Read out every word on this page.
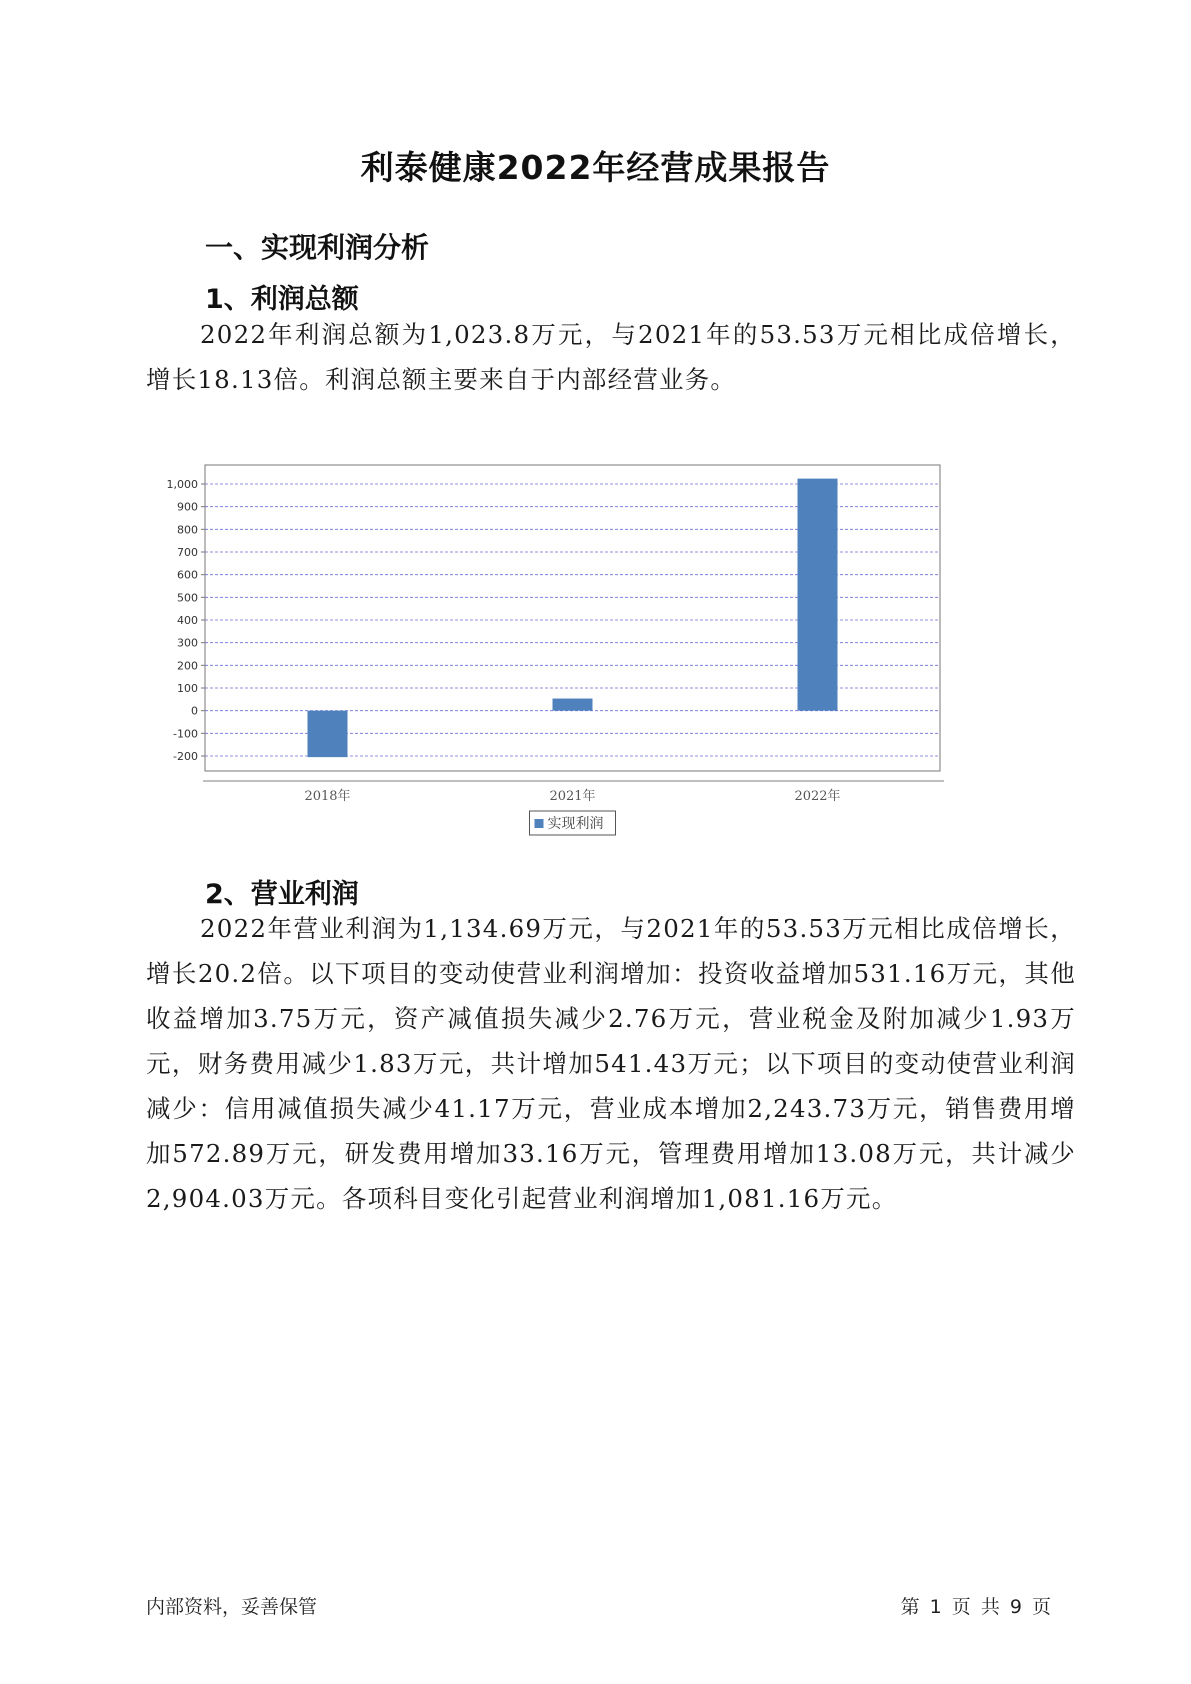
利泰健康2022年经营成果报告
一、实现利润分析
1、利润总额

2022年利润总额为1,023.8万元，与2021年的53.53万元相比成倍增长，增长18.13倍。利润总额主要来自于内部经营业务。

-200
-100
0
100
200
300
400
500
600
700
800
900
1,000
2018年	2021年	2022年
实现利润
2、营业利润

2022年营业利润为1,134.69万元，与2021年的53.53万元相比成倍增长，增长20.2倍。以下项目的变动使营业利润增加：投资收益增加531.16万元，其他收益增加3.75万元，资产减值损失减少2.76万元，营业税金及附加减少1.93万元，财务费用减少1.83万元，共计增加541.43万元；以下项目的变动使营业利润减少：信用减值损失减少41.17万元，营业成本增加2,243.73万元，销售费用增加572.89万元，研发费用增加33.16万元，管理费用增加13.08万元，共计减少2,904.03万元。各项科目变化引起营业利润增加1,081.16万元。

内部资料，妥善保管	第 1 页 共 9 页
